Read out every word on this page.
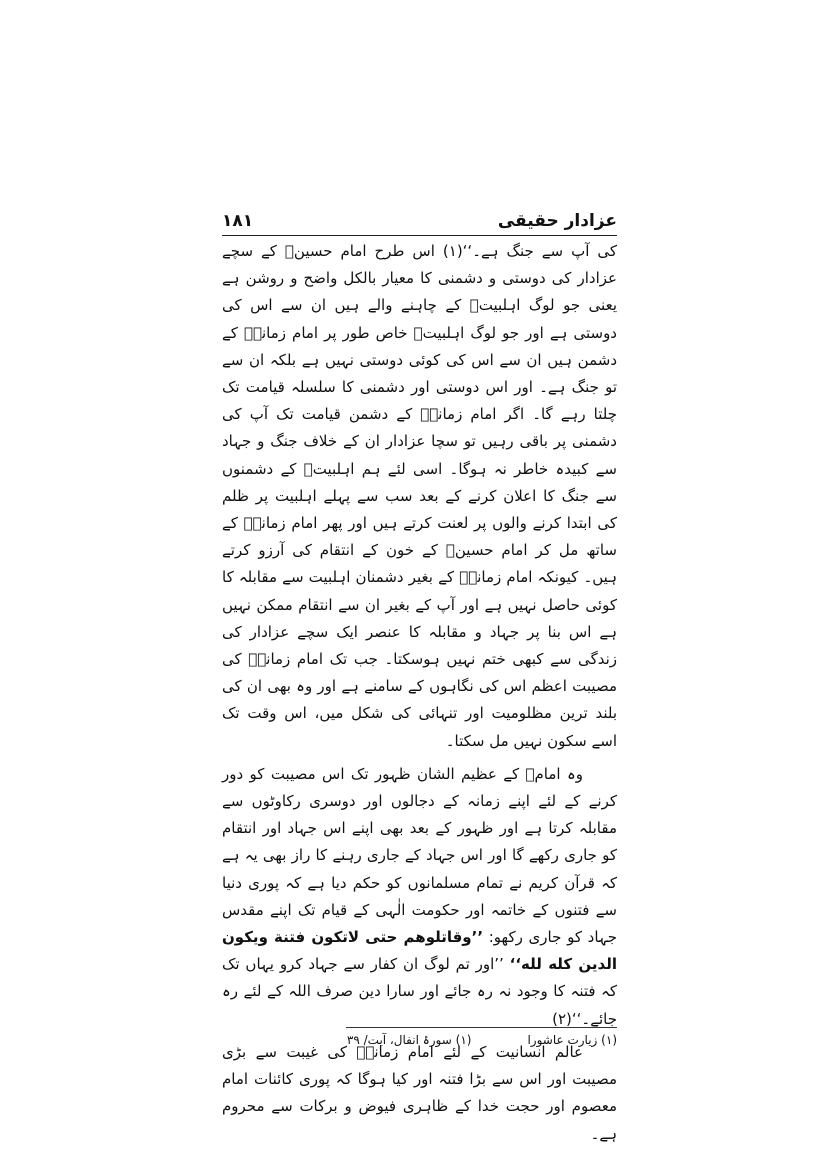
۱۸۱	عزادار حقیقی

کی آپ سے جنگ ہے۔‘‘(۱) اس طرح امام حسینؑ کے سچے عزادار کی دوستی و دشمنی کا معیار بالکل واضح و روشن ہے یعنی جو لوگ اہلبیتؑ کے چاہنے والے ہیں ان سے اس کی دوستی ہے اور جو لوگ اہلبیتؑ خاص طور پر امام زمانہؑ کے دشمن ہیں ان سے اس کی کوئی دوستی نہیں ہے بلکہ ان سے تو جنگ ہے۔ اور اس دوستی اور دشمنی کا سلسلہ قیامت تک چلتا رہے گا۔ اگر امام زمانہؑ کے دشمن قیامت تک آپ کی دشمنی پر باقی رہیں تو سچا عزادار ان کے خلاف جنگ و جہاد سے کبیدہ خاطر نہ ہوگا۔ اسی لئے ہم اہلبیتؑ کے دشمنوں سے جنگ کا اعلان کرنے کے بعد سب سے پہلے اہلبیت پر ظلم کی ابتدا کرنے والوں پر لعنت کرتے ہیں اور پھر امام زمانہؑ کے ساتھ مل کر امام حسینؑ کے خون کے انتقام کی آرزو کرتے ہیں۔ کیونکہ امام زمانہؑ کے بغیر دشمنان اہلبیت سے مقابلہ کا کوئی حاصل نہیں ہے اور آپ کے بغیر ان سے انتقام ممکن نہیں ہے اس بنا پر جہاد و مقابلہ کا عنصر ایک سچے عزادار کی زندگی سے کبھی ختم نہیں ہوسکتا۔ جب تک امام زمانہؑ کی مصیبت اعظم اس کی نگاہوں کے سامنے ہے اور وہ بھی ان کی بلند ترین مظلومیت اور تنہائی کی شکل میں، اس وقت تک اسے سکون نہیں مل سکتا۔

وہ امامؑ کے عظیم الشان ظہور تک اس مصیبت کو دور کرنے کے لئے اپنے زمانہ کے دجالوں اور دوسری رکاوٹوں سے مقابلہ کرتا ہے اور ظہور کے بعد بھی اپنے اس جہاد اور انتقام کو جاری رکھے گا اور اس جہاد کے جاری رہنے کا راز بھی یہ ہے کہ قرآن کریم نے تمام مسلمانوں کو حکم دیا ہے کہ پوری دنیا سے فتنوں کے خاتمہ اور حکومت الٰہی کے قیام تک اپنے مقدس جہاد کو جاری رکھو: ’’وقاتلوهم حتى لاتكون فتنة ويكون الدين كله لله‘‘ ’’اور تم لوگ ان کفار سے جہاد کرو یہاں تک کہ فتنہ کا وجود نہ رہ جائے اور سارا دین صرف اللہ کے لئے رہ جائے۔‘‘(۲)

عالم انسانیت کے لئے امام زمانہؑ کی غیبت سے بڑی مصیبت اور اس سے بڑا فتنہ اور کیا ہوگا کہ پوری کائنات امام معصوم اور حجت خدا کے ظاہری فیوض و برکات سے محروم ہے۔

(۱) زیارت عاشورا
(۱) سورۂ انفال، آیت/ ۳۹
